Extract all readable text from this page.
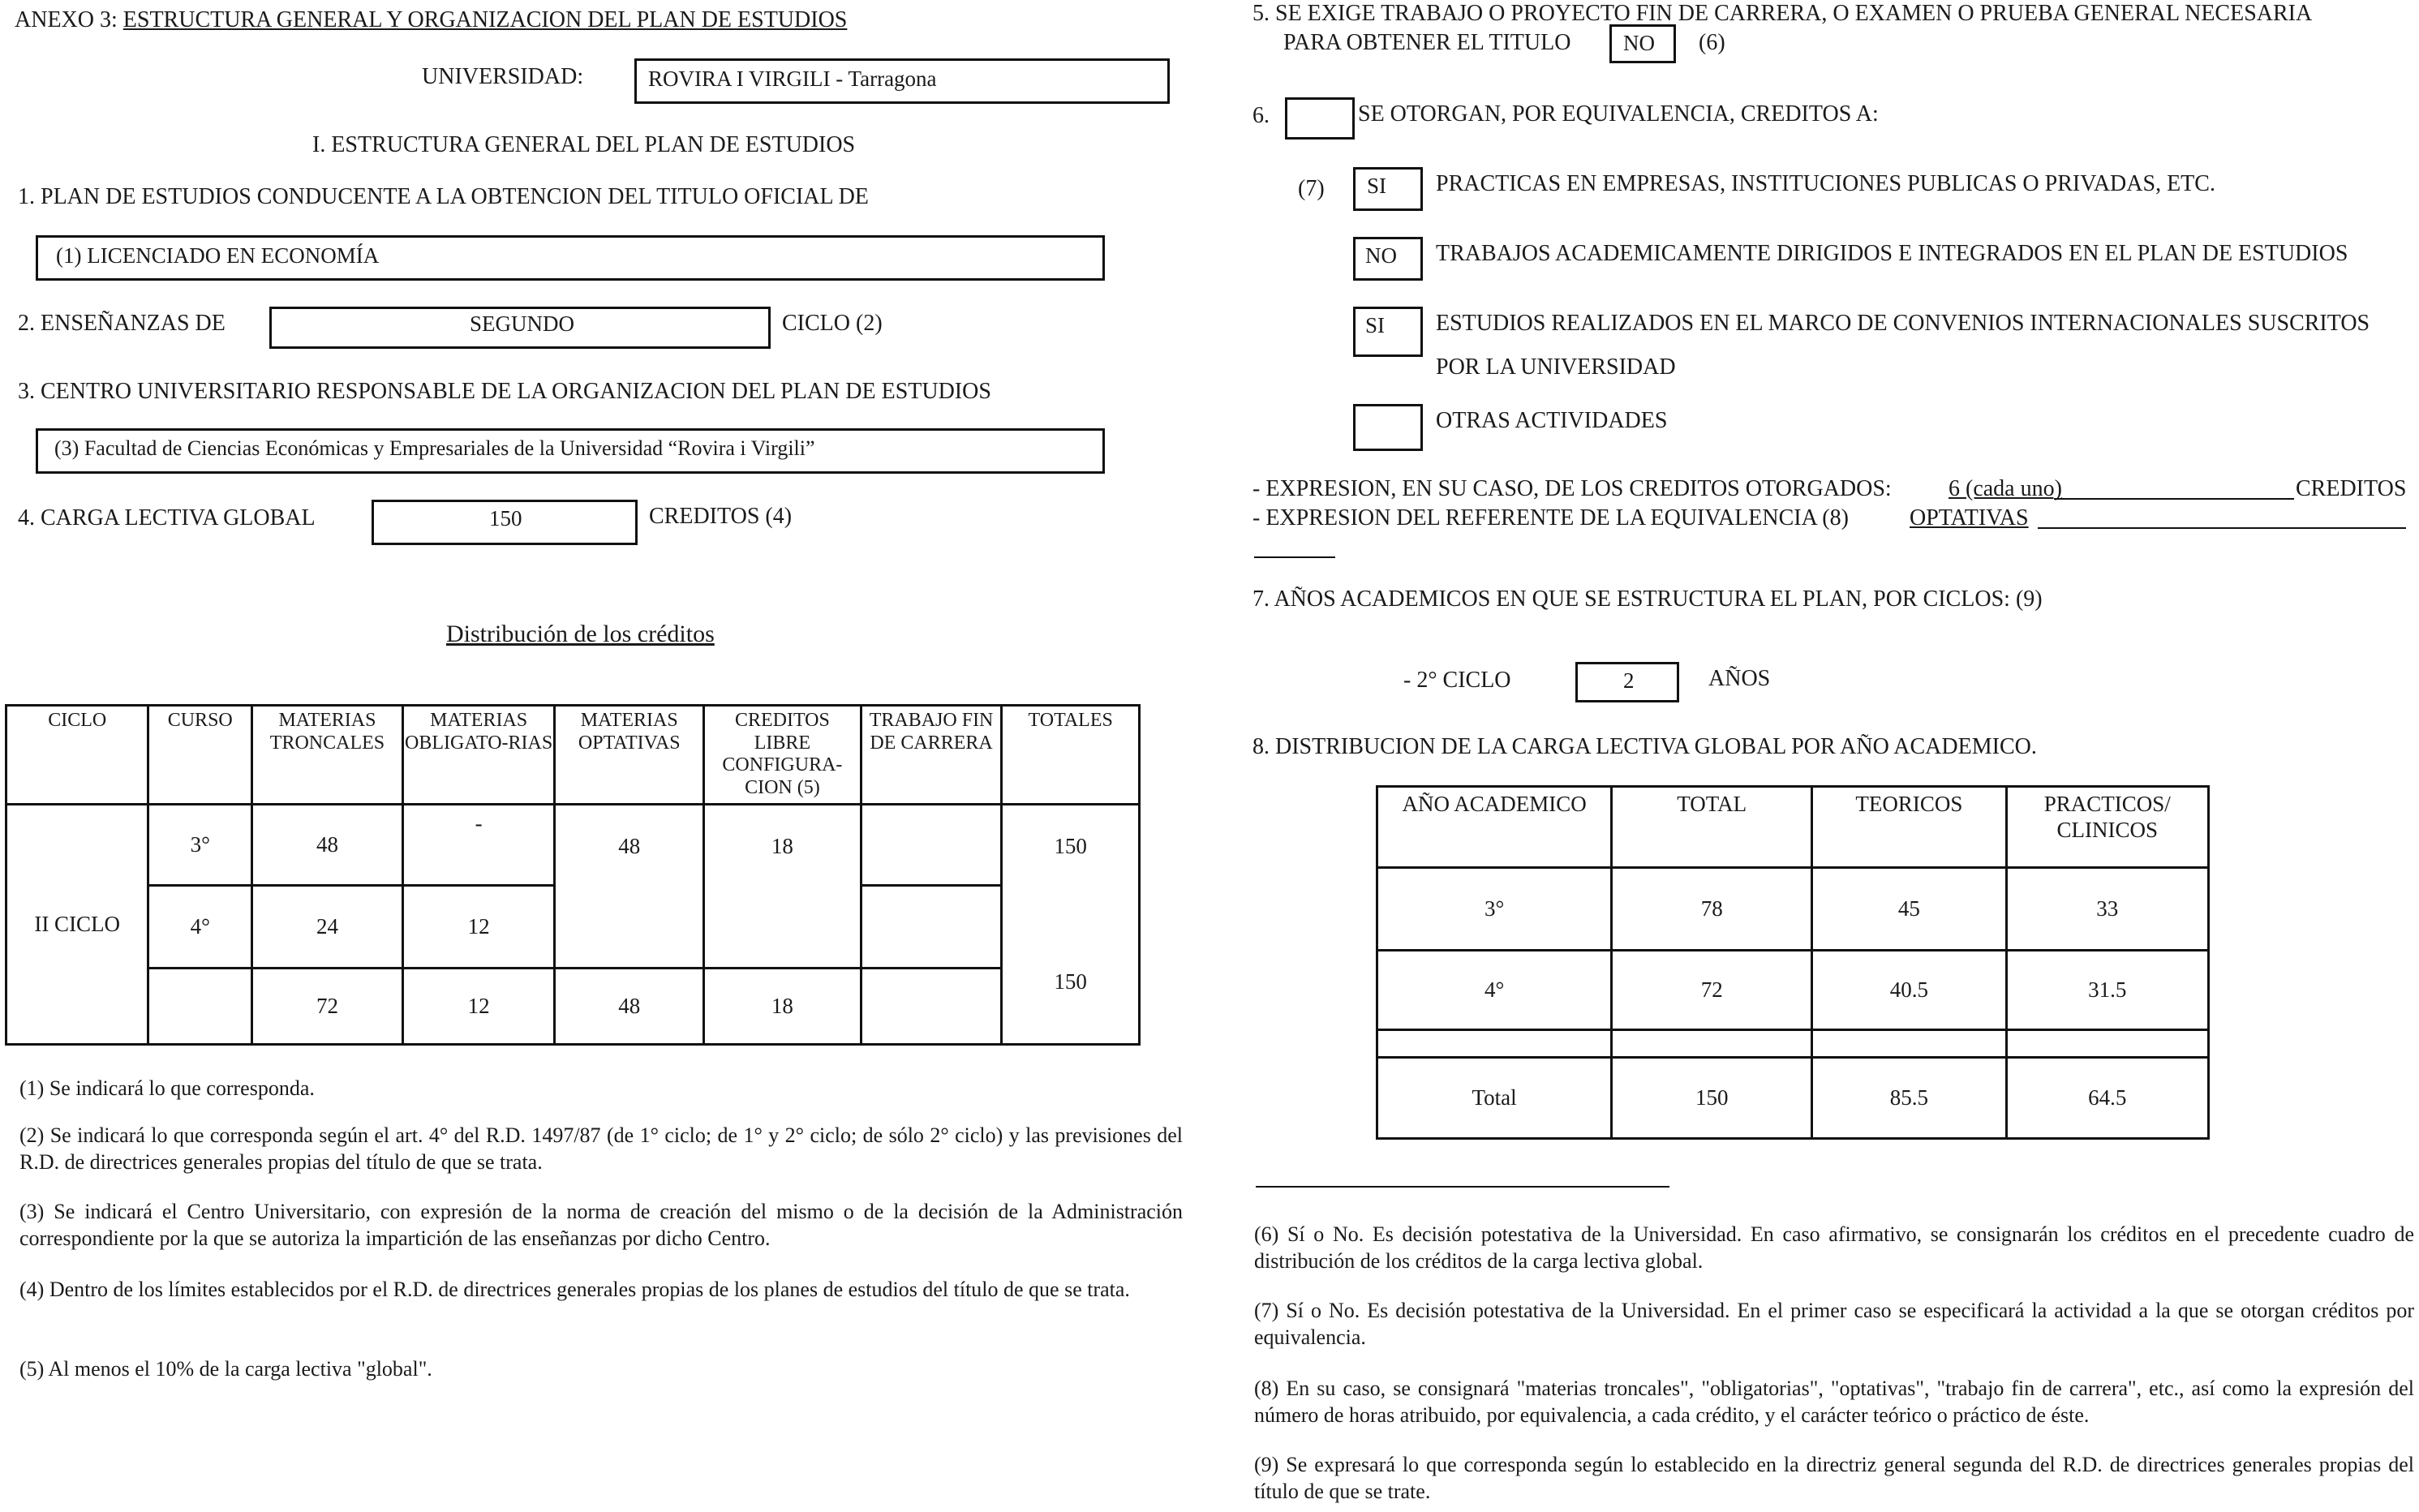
ANEXO 3: ESTRUCTURA GENERAL Y ORGANIZACION DEL PLAN DE ESTUDIOS
UNIVERSIDAD:	ROVIRA I VIRGILI - Tarragona
I. ESTRUCTURA GENERAL DEL PLAN DE ESTUDIOS
1. PLAN DE ESTUDIOS CONDUCENTE A LA OBTENCION DEL TITULO OFICIAL DE
(1) LICENCIADO EN ECONOMÍA
2. ENSEÑANZAS DE	SEGUNDO	CICLO (2)
3. CENTRO UNIVERSITARIO RESPONSABLE DE LA ORGANIZACION DEL PLAN DE ESTUDIOS
(3) Facultad de Ciencias Económicas y Empresariales de la Universidad “Rovira i Virgili”
4. CARGA LECTIVA GLOBAL	150	CREDITOS (4)
Distribución de los créditos
CICLO	CURSO	MATERIAS TRONCALES	MATERIAS OBLIGATO-RIAS	MATERIAS OPTATIVAS	CREDITOS LIBRE CONFIGURA-CION (5)	TRABAJO FIN DE CARRERA	TOTALES
II CICLO	3°	48	-	48	18		150
	4°	24	12				
		72	12	48	18		150
(1) Se indicará lo que corresponda.
(2) Se indicará lo que corresponda según el art. 4° del R.D. 1497/87 (de 1° ciclo; de 1° y 2° ciclo; de sólo 2° ciclo) y las previsiones del R.D. de directrices generales propias del título de que se trata.
(3) Se indicará el Centro Universitario, con expresión de la norma de creación del mismo o de la decisión de la Administración correspondiente por la que se autoriza la impartición de las enseñanzas por dicho Centro.
(4) Dentro de los límites establecidos por el R.D. de directrices generales propias de los planes de estudios del título de que se trata.
(5) Al menos el 10% de la carga lectiva "global".
5. SE EXIGE TRABAJO O PROYECTO FIN DE CARRERA, O EXAMEN O PRUEBA GENERAL NECESARIA
PARA OBTENER EL TITULO NO (6)
6.	SE OTORGAN, POR EQUIVALENCIA, CREDITOS A:
(7) SI PRACTICAS EN EMPRESAS, INSTITUCIONES PUBLICAS O PRIVADAS, ETC.
NO TRABAJOS ACADEMICAMENTE DIRIGIDOS E INTEGRADOS EN EL PLAN DE ESTUDIOS
SI ESTUDIOS REALIZADOS EN EL MARCO DE CONVENIOS INTERNACIONALES SUSCRITOS
POR LA UNIVERSIDAD
OTRAS ACTIVIDADES
- EXPRESION, EN SU CASO, DE LOS CREDITOS OTORGADOS:	6 (cada uno)	CREDITOS
- EXPRESION DEL REFERENTE DE LA EQUIVALENCIA (8)	OPTATIVAS
7. AÑOS ACADEMICOS EN QUE SE ESTRUCTURA EL PLAN, POR CICLOS: (9)
- 2° CICLO	2	AÑOS
8. DISTRIBUCION DE LA CARGA LECTIVA GLOBAL POR AÑO ACADEMICO.
AÑO ACADEMICO	TOTAL	TEORICOS	PRACTICOS/ CLINICOS
3°	78	45	33
4°	72	40.5	31.5

Total	150	85.5	64.5
(6) Sí o No. Es decisión potestativa de la Universidad. En caso afirmativo, se consignarán los créditos en el precedente cuadro de distribución de los créditos de la carga lectiva global.
(7) Sí o No. Es decisión potestativa de la Universidad. En el primer caso se especificará la actividad a la que se otorgan créditos por equivalencia.
(8) En su caso, se consignará "materias troncales", "obligatorias", "optativas", "trabajo fin de carrera", etc., así como la expresión del número de horas atribuido, por equivalencia, a cada crédito, y el carácter teórico o práctico de éste.
(9) Se expresará lo que corresponda según lo establecido en la directriz general segunda del R.D. de directrices generales propias del título de que se trate.
